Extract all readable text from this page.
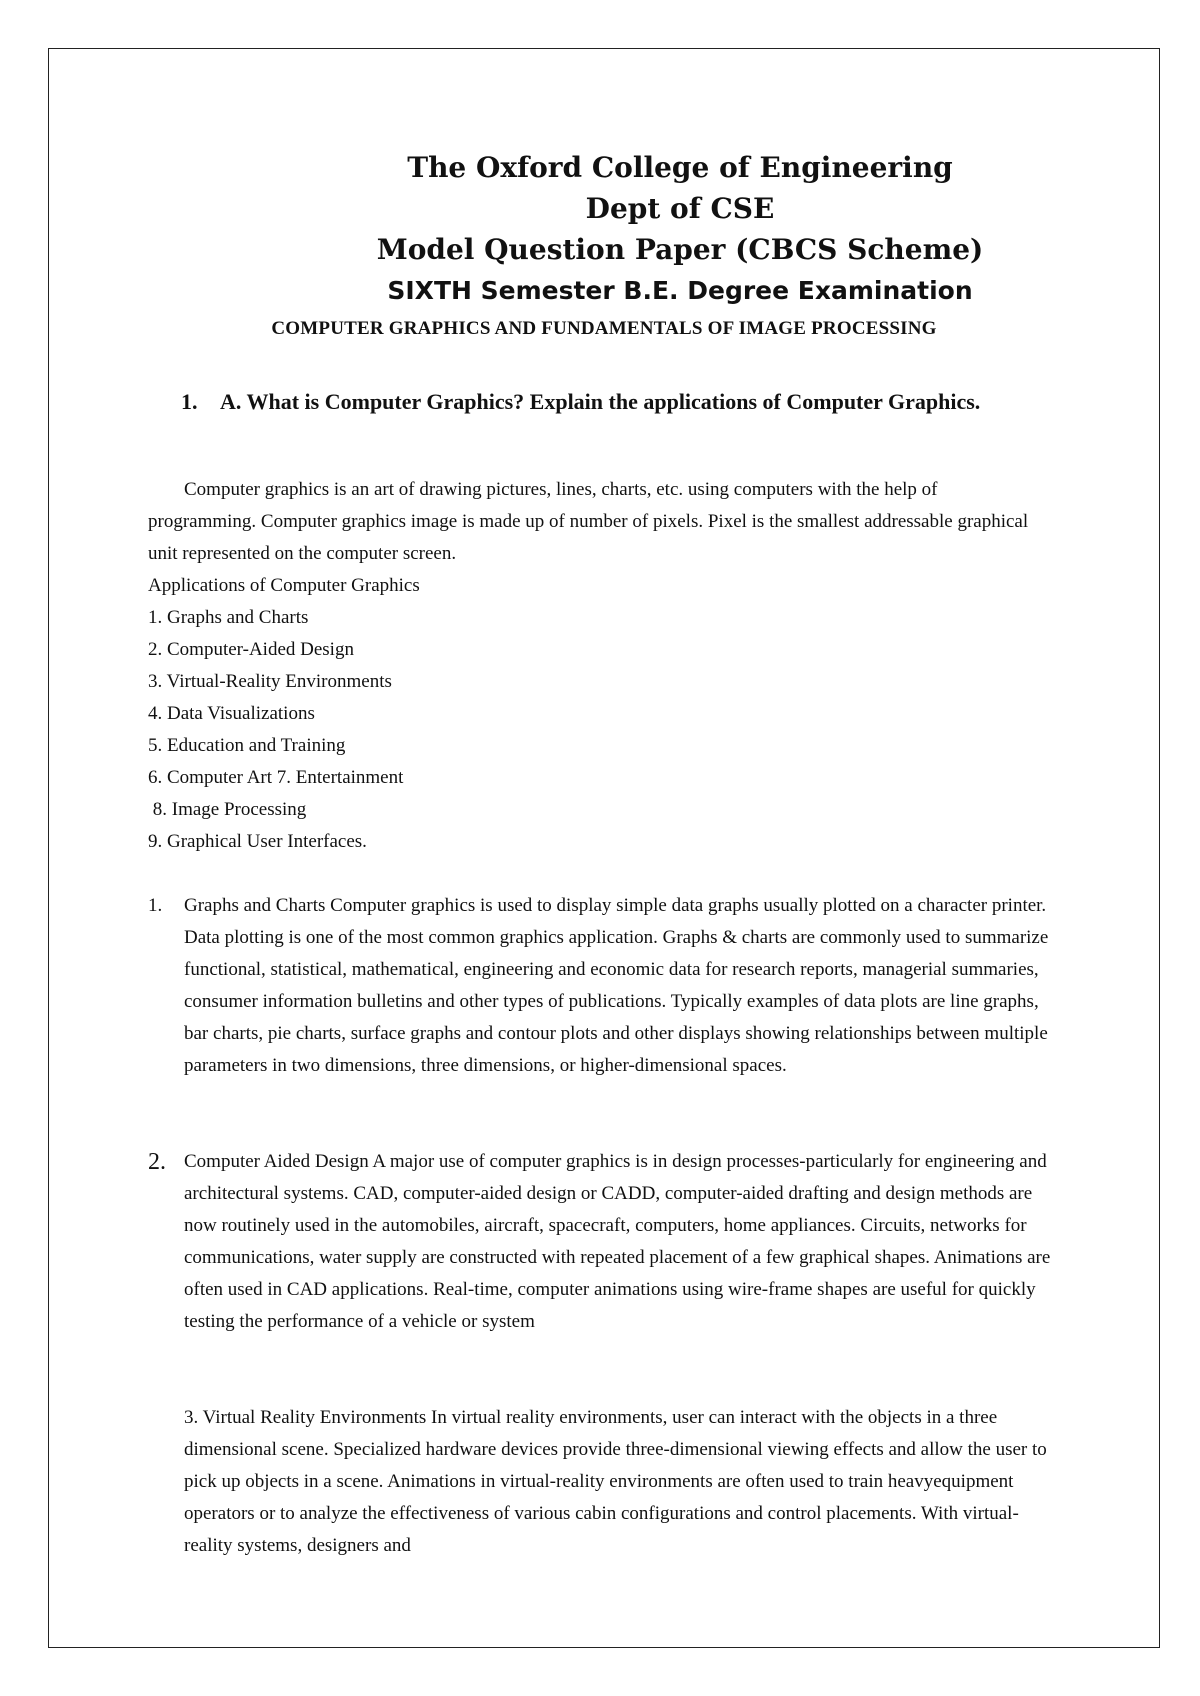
The Oxford College of Engineering
Dept of CSE
Model Question Paper (CBCS Scheme)
SIXTH Semester B.E. Degree Examination
COMPUTER GRAPHICS AND FUNDAMENTALS OF IMAGE PROCESSING
1.	A. What is Computer Graphics? Explain the applications of Computer Graphics.

Computer graphics is an art of drawing pictures, lines, charts, etc. using computers with the help of programming. Computer graphics image is made up of number of pixels. Pixel is the smallest addressable graphical unit represented on the computer screen.

Applications of Computer Graphics
1. Graphs and Charts
2. Computer-Aided Design
3. Virtual-Reality Environments
4. Data Visualizations
5. Education and Training
6. Computer Art 7. Entertainment
8. Image Processing
9. Graphical User Interfaces.
1.	Graphs and Charts Computer graphics is used to display simple data graphs usually plotted on a character printer. Data plotting is one of the most common graphics application. Graphs & charts are commonly used to summarize functional, statistical, mathematical, engineering and economic data for research reports, managerial summaries, consumer information bulletins and other types of publications. Typically examples of data plots are line graphs, bar charts, pie charts, surface graphs and contour plots and other displays showing relationships between multiple parameters in two dimensions, three dimensions, or higher-dimensional spaces.
2. Computer Aided Design A major use of computer graphics is in design processes-particularly for engineering and architectural systems. CAD, computer-aided design or CADD, computer-aided drafting and design methods are now routinely used in the automobiles, aircraft, spacecraft, computers, home appliances. Circuits, networks for communications, water supply are constructed with repeated placement of a few graphical shapes. Animations are often used in CAD applications. Real-time, computer animations using wire-frame shapes are useful for quickly testing the performance of a vehicle or system
3. Virtual Reality Environments In virtual reality environments, user can interact with the objects in a three dimensional scene. Specialized hardware devices provide three-dimensional viewing effects and allow the user to pick up objects in a scene. Animations in virtual-reality environments are often used to train heavyequipment operators or to analyze the effectiveness of various cabin configurations and control placements. With virtual-reality systems, designers and
